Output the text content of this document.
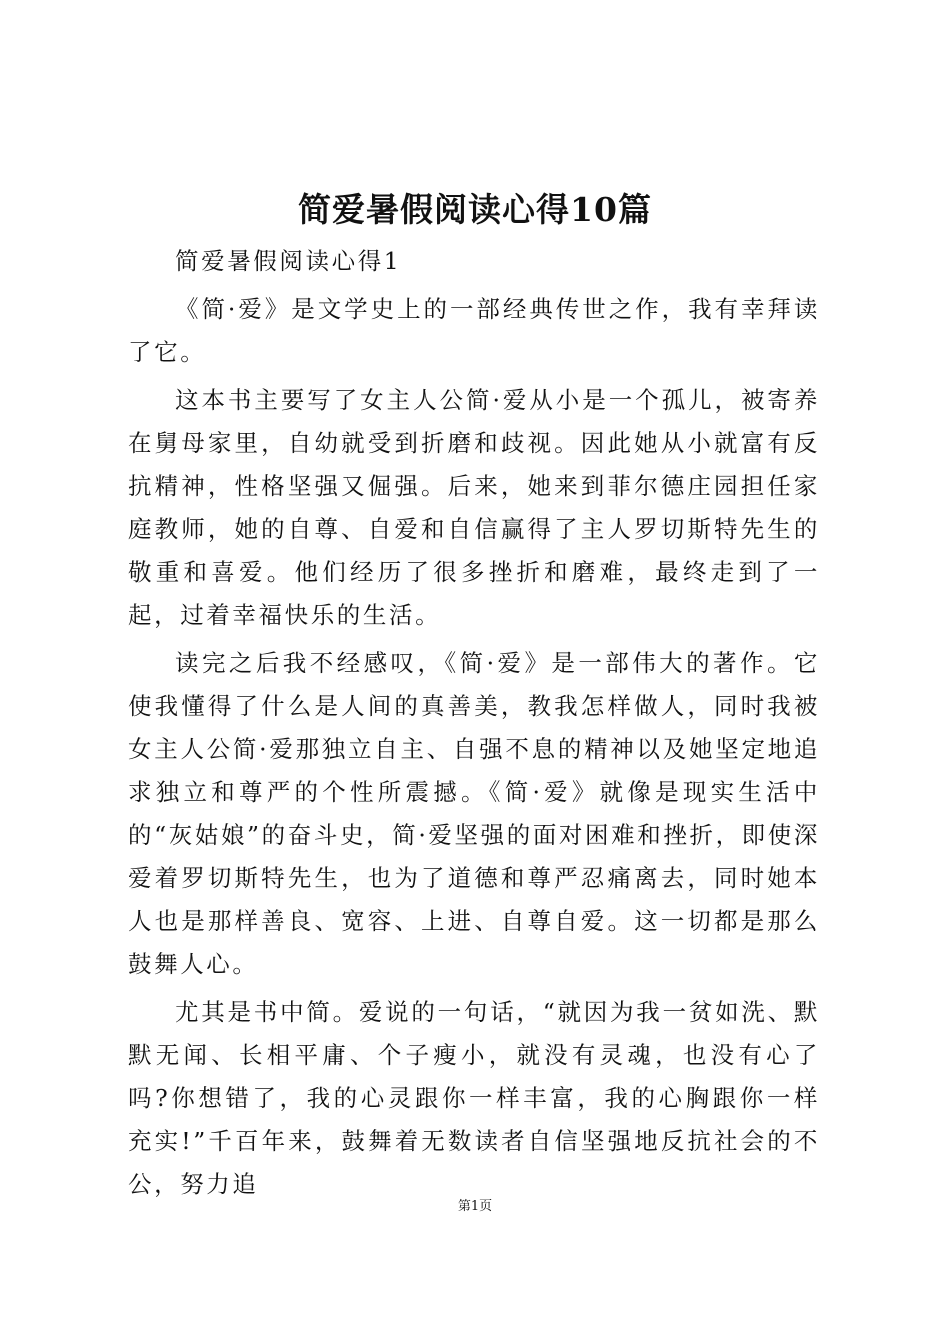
简爱暑假阅读心得10篇

简爱暑假阅读心得1

《简·爱》是文学史上的一部经典传世之作，我有幸拜读了它。

这本书主要写了女主人公简·爱从小是一个孤儿，被寄养在舅母家里，自幼就受到折磨和歧视。因此她从小就富有反抗精神，性格坚强又倔强。后来，她来到菲尔德庄园担任家庭教师，她的自尊、自爱和自信赢得了主人罗切斯特先生的敬重和喜爱。他们经历了很多挫折和磨难，最终走到了一起，过着幸福快乐的生活。

读完之后我不经感叹，《简·爱》是一部伟大的著作。它使我懂得了什么是人间的真善美，教我怎样做人，同时我被女主人公简·爱那独立自主、自强不息的精神以及她坚定地追求独立和尊严的个性所震撼。《简·爱》就像是现实生活中的“灰姑娘”的奋斗史，简·爱坚强的面对困难和挫折，即使深爱着罗切斯特先生，也为了道德和尊严忍痛离去，同时她本人也是那样善良、宽容、上进、自尊自爱。这一切都是那么鼓舞人心。

尤其是书中简。爱说的一句话，“就因为我一贫如洗、默默无闻、长相平庸、个子瘦小，就没有灵魂，也没有心了吗?你想错了，我的心灵跟你一样丰富，我的心胸跟你一样充实!”千百年来，鼓舞着无数读者自信坚强地反抗社会的不公，努力追

第1页
